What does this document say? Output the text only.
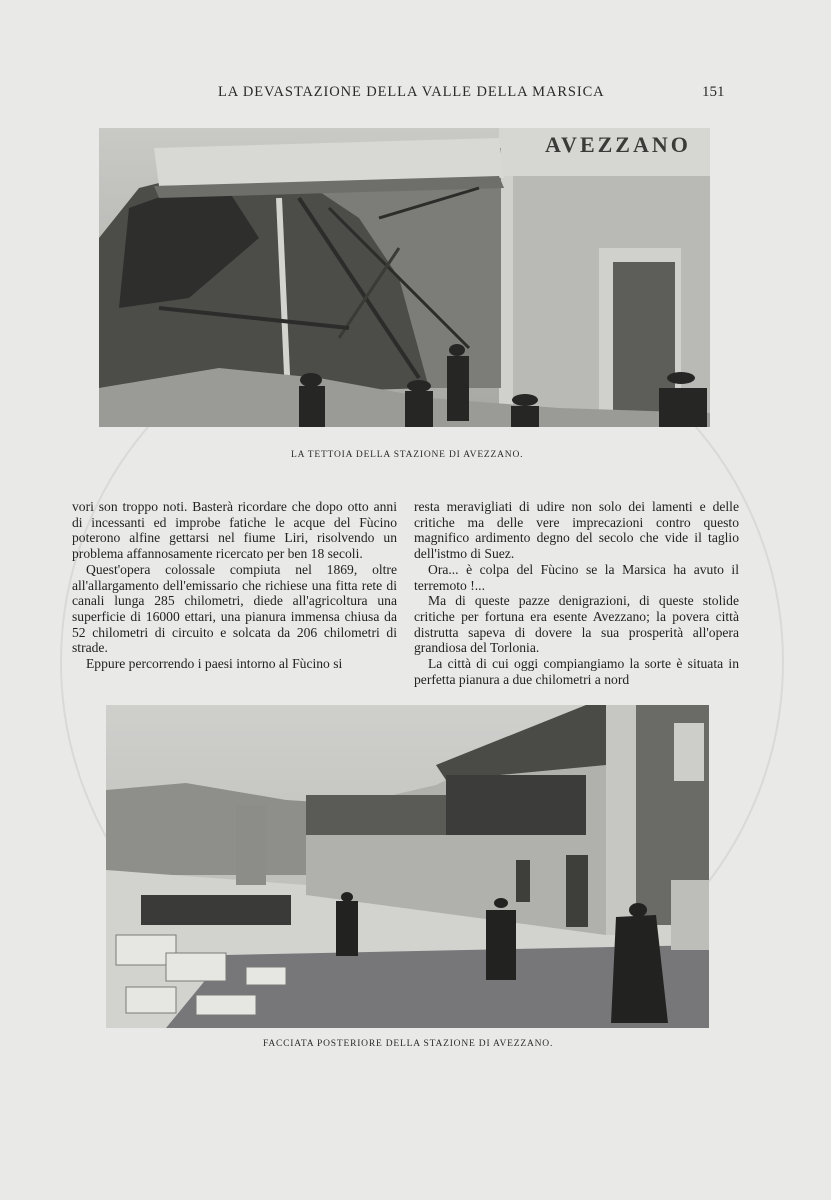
LA DEVASTAZIONE DELLA VALLE DELLA MARSICA	151
AVEZZANO
LA TETTOIA DELLA STAZIONE DI AVEZZANO.

vori son troppo noti. Basterà ricordare che dopo otto anni di incessanti ed improbe fatiche le acque del Fùcino poterono alfine gettarsi nel fiume Liri, risolvendo un problema affannosamente ricercato per ben 18 secoli.

Quest'opera colossale compiuta nel 1869, oltre all'allargamento dell'emissario che richiese una fitta rete di canali lunga 285 chilometri, diede all'agricoltura una superficie di 16000 ettari, una pianura immensa chiusa da 52 chilometri di circuito e solcata da 206 chilometri di strade.

Eppure percorrendo i paesi intorno al Fùcino si

resta meravigliati di udire non solo dei lamenti e delle critiche ma delle vere imprecazioni contro questo magnifico ardimento degno del secolo che vide il taglio dell'istmo di Suez.

Ora... è colpa del Fùcino se la Marsica ha avuto il terremoto !...

Ma di queste pazze denigrazioni, di queste stolide critiche per fortuna era esente Avezzano; la povera città distrutta sapeva di dovere la sua prosperità all'opera grandiosa del Torlonia.

La città di cui oggi compiangiamo la sorte è situata in perfetta pianura a due chilometri a nord

FACCIATA POSTERIORE DELLA STAZIONE DI AVEZZANO.
